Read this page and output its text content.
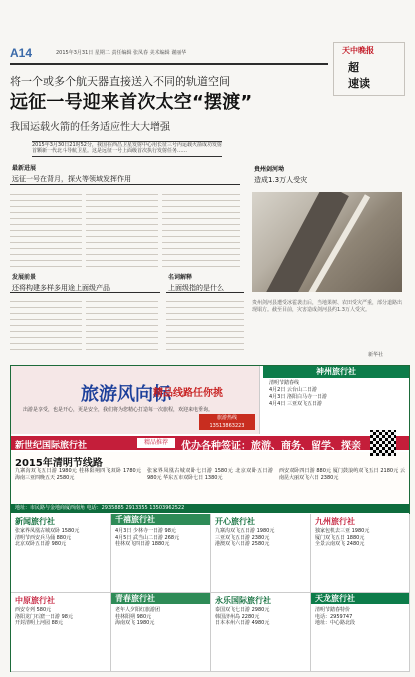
A14	2015年3月31日 星期二 责任编辑 张凤春 美术编辑 谢丽华	天中晚报
超
速读
将一个或多个航天器直接送入不同的轨道空间
远征一号迎来首次太空“摆渡”
我国运载火箭的任务适应性大大增强
2015年3月30日21时52分，我国在西昌卫星发射中心用长征三号丙运载火箭成功发射首颗新一代北斗导航卫星。这是远征一号上面级首次执行发射任务……
最新进展
远征一号在背月，探火等领域发挥作用
发展前景
还将构建多样多用途上面级产品
名词解释
上面级指的是什么
贵州剑河坳
造成1.3万人受灾
贵州剑河县遭受冰雹袭击后，当地果树、农田受灾严重，部分道路出现塌方。截至目前，灾害造成剑河县约1.3万人受灾。
新华社
旅游风向标
精品线路任你挑
出游是享受，也是开心，更是安全，我们将为您精心打造每一次旅程，欢迎来电垂询。
旅游热线
13513863223
神州旅行社
清明节踏春线
4月2日 云台山二日游
4月3日 洛阳白马寺一日游
4月4日 三亚双飞五日游
新世纪国际旅行社	精品推荐	优办各种签证：旅游、商务、留学、探亲
2015年清明节线路
九寨沟双飞五日游 1980元 桂林阳朔四飞双卧 1780元 海南三亚四晚五天 2580元
张家界凤凰古城双卧七日游 1580元 北京双卧五日游 980元 华东五市双卧七日 1380元
西安双卧四日游 880元 厦门鼓浪屿双飞五日 2180元 云南昆大丽双飞六日 2380元
地址：市民路与金地商厦西南角 电话：2935885 2913355 13503962522
新闻旅行社
张家界凤凰古城双卧 1580元
清明节西安兵马俑 880元
北京双卧五日游 980元
千禧旅行社
4月3日 少林寺一日游 98元
4月5日 武当山二日游 268元
桂林双飞四日游 1880元
开心旅行社
九寨沟双飞五日游 1980元
三亚双飞五日游 2380元
港澳双飞六日游 2580元
九州旅行社
独家包机去三亚 1980元
厦门双飞五日 1880元
全景云南双飞 2480元
中原旅行社
西安专列 580元
洛阳龙门石窟一日游 98元
开封清明上河园 88元
青春旅行社
老年人夕阳红旅游团
桂林阳朔 980元
海南双飞 1980元
永乐国际旅行社
泰国双飞七日游 2980元
韩国济州岛 2280元
日本本州六日游 4980元
天龙旅行社
清明节踏春特价
电话：2959747
地址：中心路北段
